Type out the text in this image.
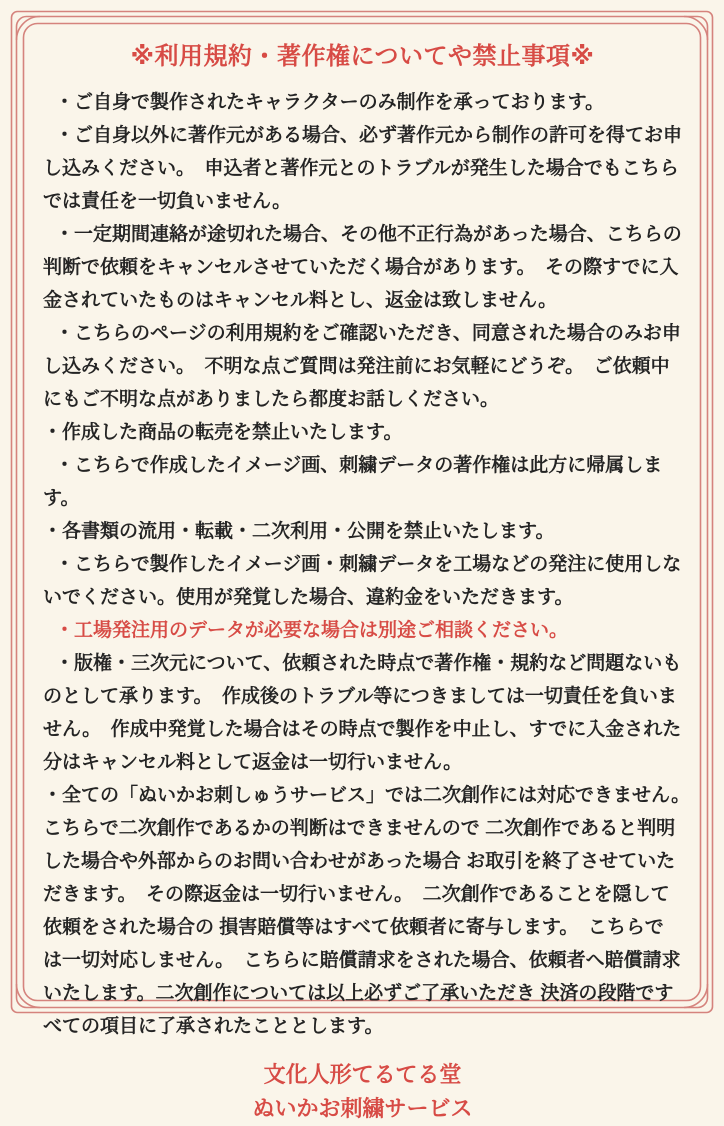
※利用規約・著作権についてや禁止事項※

・ご自身で製作されたキャラクターのみ制作を承っております。

・ご自身以外に著作元がある場合、必ず著作元から制作の許可を得てお申し込みください。　申込者と著作元とのトラブルが発生した場合でもこちらでは責任を一切負いません。

・一定期間連絡が途切れた場合、その他不正行為があった場合、こちらの判断で依頼をキャンセルさせていただく場合があります。　その際すでに入金されていたものはキャンセル料とし、返金は致しません。

・こちらのページの利用規約をご確認いただき、同意された場合のみお申し込みください。　不明な点ご質問は発注前にお気軽にどうぞ。　ご依頼中にもご不明な点がありましたら都度お話しください。

・作成した商品の転売を禁止いたします。

・こちらで作成したイメージ画、刺繍データの著作権は此方に帰属します。

・各書類の流用・転載・二次利用・公開を禁止いたします。

・こちらで製作したイメージ画・刺繍データを工場などの発注に使用しないでください。使用が発覚した場合、違約金をいただきます。

・工場発注用のデータが必要な場合は別途ご相談ください。

・版権・三次元について、依頼された時点で著作権・規約など問題ないものとして承ります。　作成後のトラブル等につきましては一切責任を負いません。　作成中発覚した場合はその時点で製作を中止し、すでに入金された分はキャンセル料として返金は一切行いません。

・全ての「ぬいかお刺しゅうサービス」では二次創作には対応できません。　こちらで二次創作であるかの判断はできませんので 二次創作であると判明した場合や外部からのお問い合わせがあった場合 お取引を終了させていただきます。　その際返金は一切行いません。　二次創作であることを隠して依頼をされた場合の 損害賠償等はすべて依頼者に寄与します。　こちらでは一切対応しません。　こちらに賠償請求をされた場合、依頼者へ賠償請求いたします。二次創作については以上必ずご了承いただき 決済の段階ですべての項目に了承されたこととします。

文化人形てるてる堂
ぬいかお刺繍サービス
